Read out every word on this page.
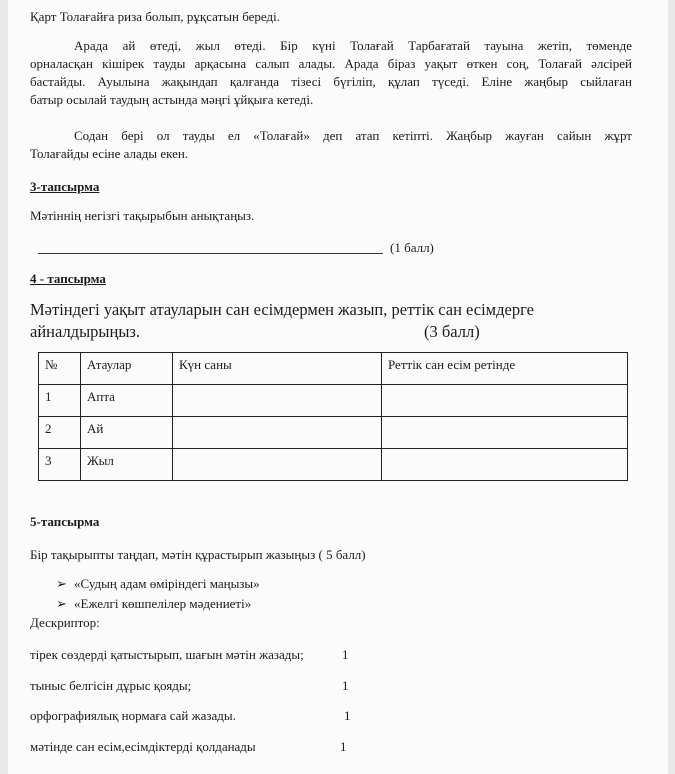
Қарт Толағайға риза болып, рұқсатын береді.
Арада ай өтеді, жыл өтеді. Бір күні Толағай Тарбағатай тауына жетіп, төменде
орналасқан кішірек тауды арқасына салып алады. Арада біраз уақыт өткен соң, Толағай әлсірей
бастайды. Ауылына жақындап қалғанда тізесі бүгіліп, құлап түседі. Еліне жаңбыр сыйлаған
батыр осылай таудың астында мәңгі ұйқыға кетеді.
Содан бері ол тауды ел «Толағай» деп атап кетіпті. Жаңбыр жауған сайын жұрт
Толағайды есіне алады екен.
3-тапсырма
Мәтіннің негізгі тақырыбын анықтаңыз.
(1 балл)
4 - тапсырма
Мәтіндегі уақыт атауларын сан есімдермен жазып, реттік сан есімдерге
айналдырыңыз.	(3 балл)
№	Атаулар	Күн саны	Реттік сан есім ретінде
1	Апта		
2	Ай		
3	Жыл		
5-тапсырма
Бір тақырыпты таңдап, мәтін құрастырып жазыңыз ( 5 балл)
➢ «Судың адам өміріндегі маңызы»
➢ «Ежелгі көшпелілер мәдениеті»
Дескриптор:
тірек сөздерді қатыстырып, шағын мәтін жазады;	1
тыныс белгісін дұрыс қояды;	1
орфографиялық нормаға сай жазады.	1
мәтінде сан есім,есімдіктерді қолданады	1
